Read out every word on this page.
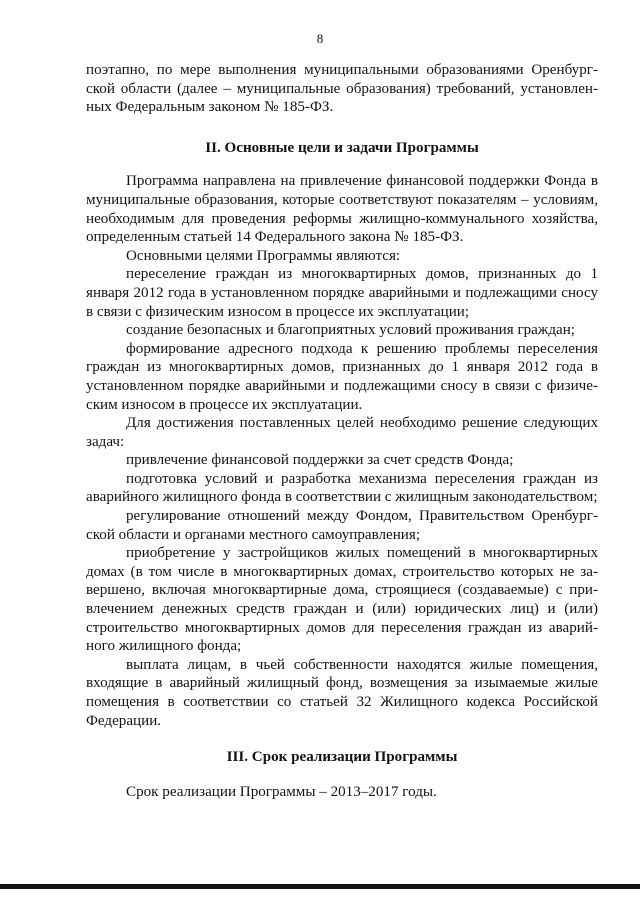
8

поэтапно, по мере выполнения муниципальными образованиями Оренбургской области (далее – муниципальные образования) требований, установленных Федеральным законом № 185-ФЗ.

II. Основные цели и задачи Программы

Программа направлена на привлечение финансовой поддержки Фонда в муниципальные образования, которые соответствуют показателям – условиям, необходимым для проведения реформы жилищно-коммунального хозяйства, определенным статьей 14 Федерального закона № 185-ФЗ.

Основными целями Программы являются:

переселение граждан из многоквартирных домов, признанных до 1 января 2012 года в установленном порядке аварийными и подлежащими сносу в связи с физическим износом в процессе их эксплуатации;

создание безопасных и благоприятных условий проживания граждан;

формирование адресного подхода к решению проблемы переселения граждан из многоквартирных домов, признанных до 1 января 2012 года в установленном порядке аварийными и подлежащими сносу в связи с физическим износом в процессе их эксплуатации.

Для достижения поставленных целей необходимо решение следующих задач:

привлечение финансовой поддержки за счет средств Фонда;

подготовка условий и разработка механизма переселения граждан из аварийного жилищного фонда в соответствии с жилищным законодательством;

регулирование отношений между Фондом, Правительством Оренбургской области и органами местного самоуправления;

приобретение у застройщиков жилых помещений в многоквартирных домах (в том числе в многоквартирных домах, строительство которых не завершено, включая многоквартирные дома, строящиеся (создаваемые) с привлечением денежных средств граждан и (или) юридических лиц) и (или) строительство многоквартирных домов для переселения граждан из аварийного жилищного фонда;

выплата лицам, в чьей собственности находятся жилые помещения, входящие в аварийный жилищный фонд, возмещения за изымаемые жилые помещения в соответствии со статьей 32 Жилищного кодекса Российской Федерации.

III. Срок реализации Программы

Срок реализации Программы – 2013–2017 годы.
